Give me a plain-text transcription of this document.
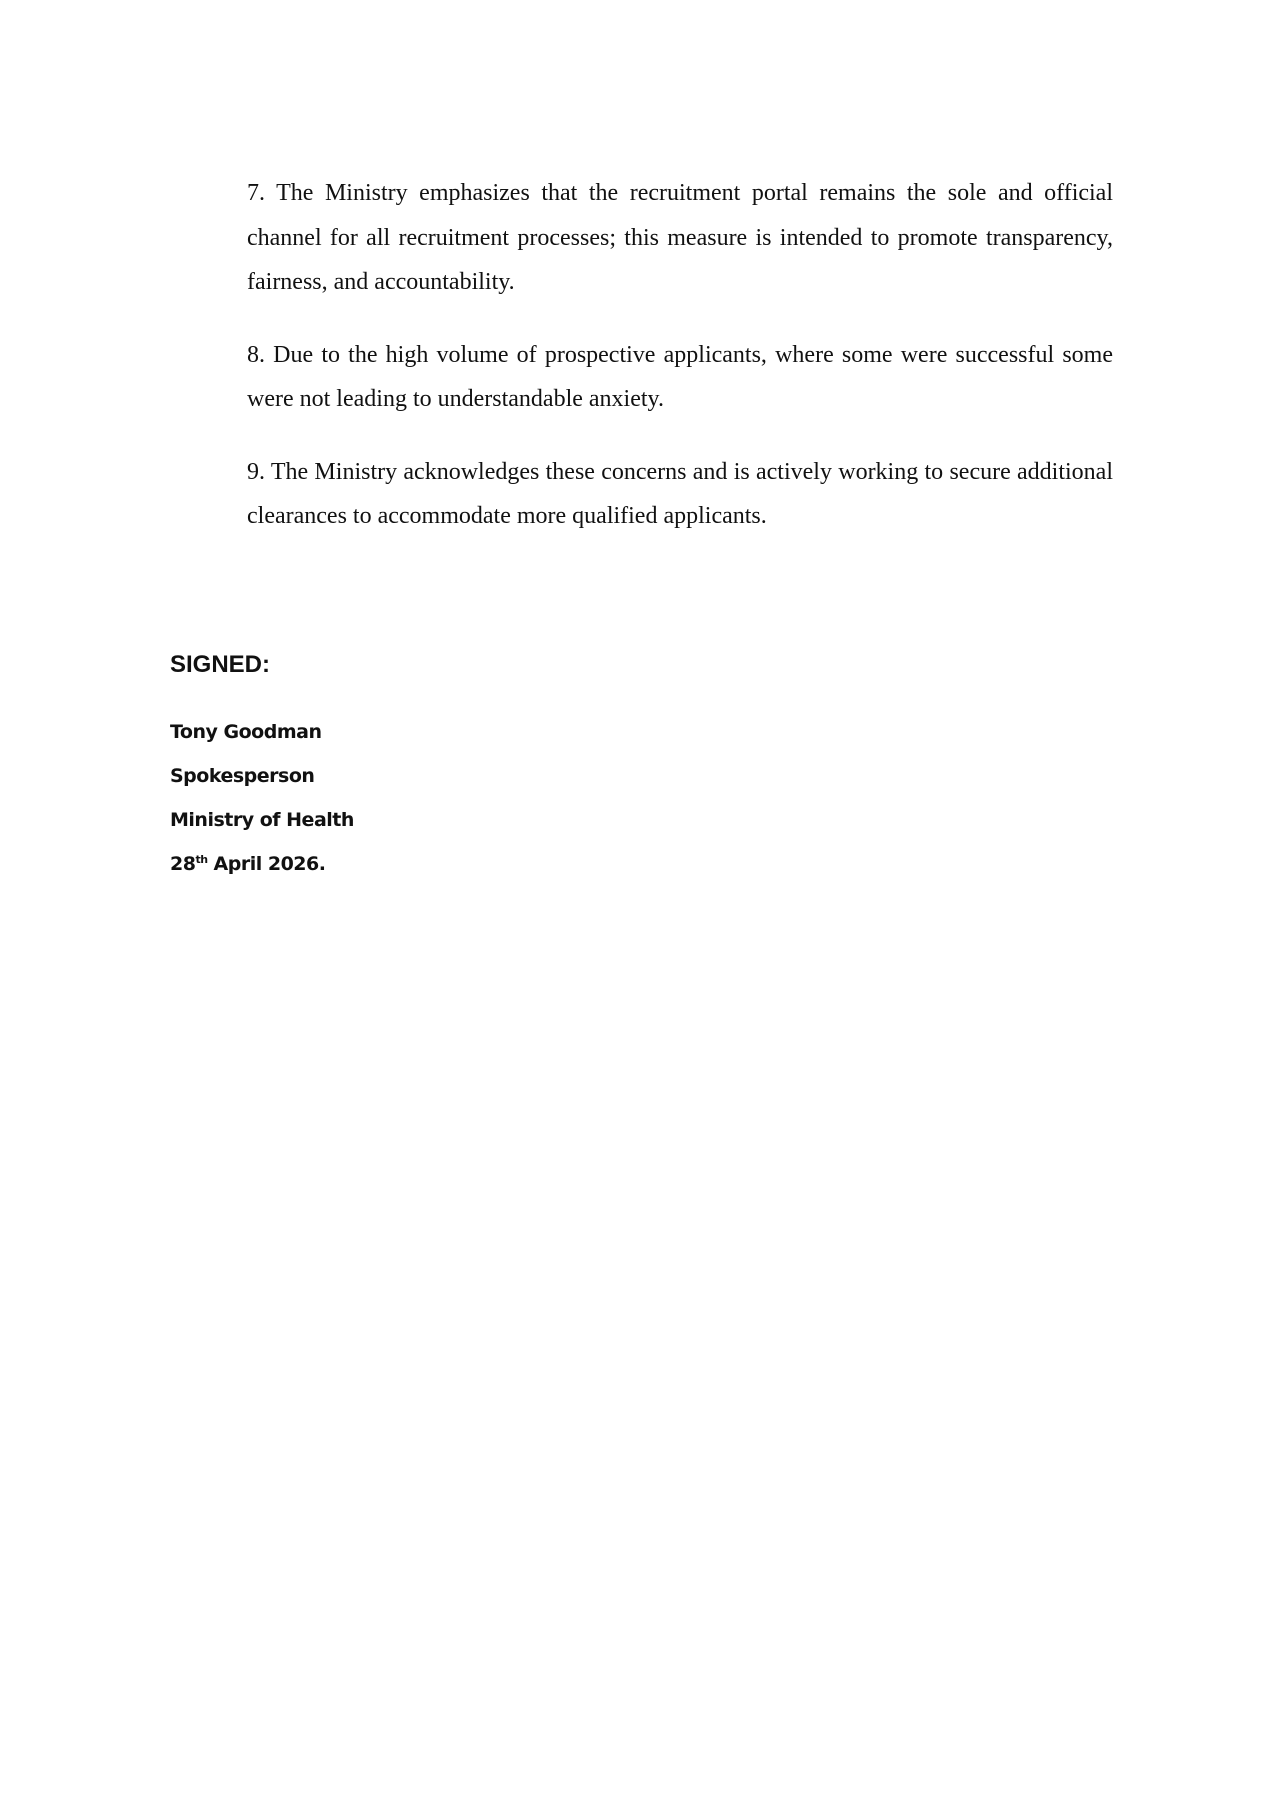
7. The Ministry emphasizes that the recruitment portal remains the sole and official channel for all recruitment processes; this measure is intended to promote transparency, fairness, and accountability.

8. Due to the high volume of prospective applicants, where some were successful some were not leading to understandable anxiety.

9. The Ministry acknowledges these concerns and is actively working to secure additional clearances to accommodate more qualified applicants.

SIGNED:

Tony Goodman

Spokesperson

Ministry of Health

28th April 2026.
